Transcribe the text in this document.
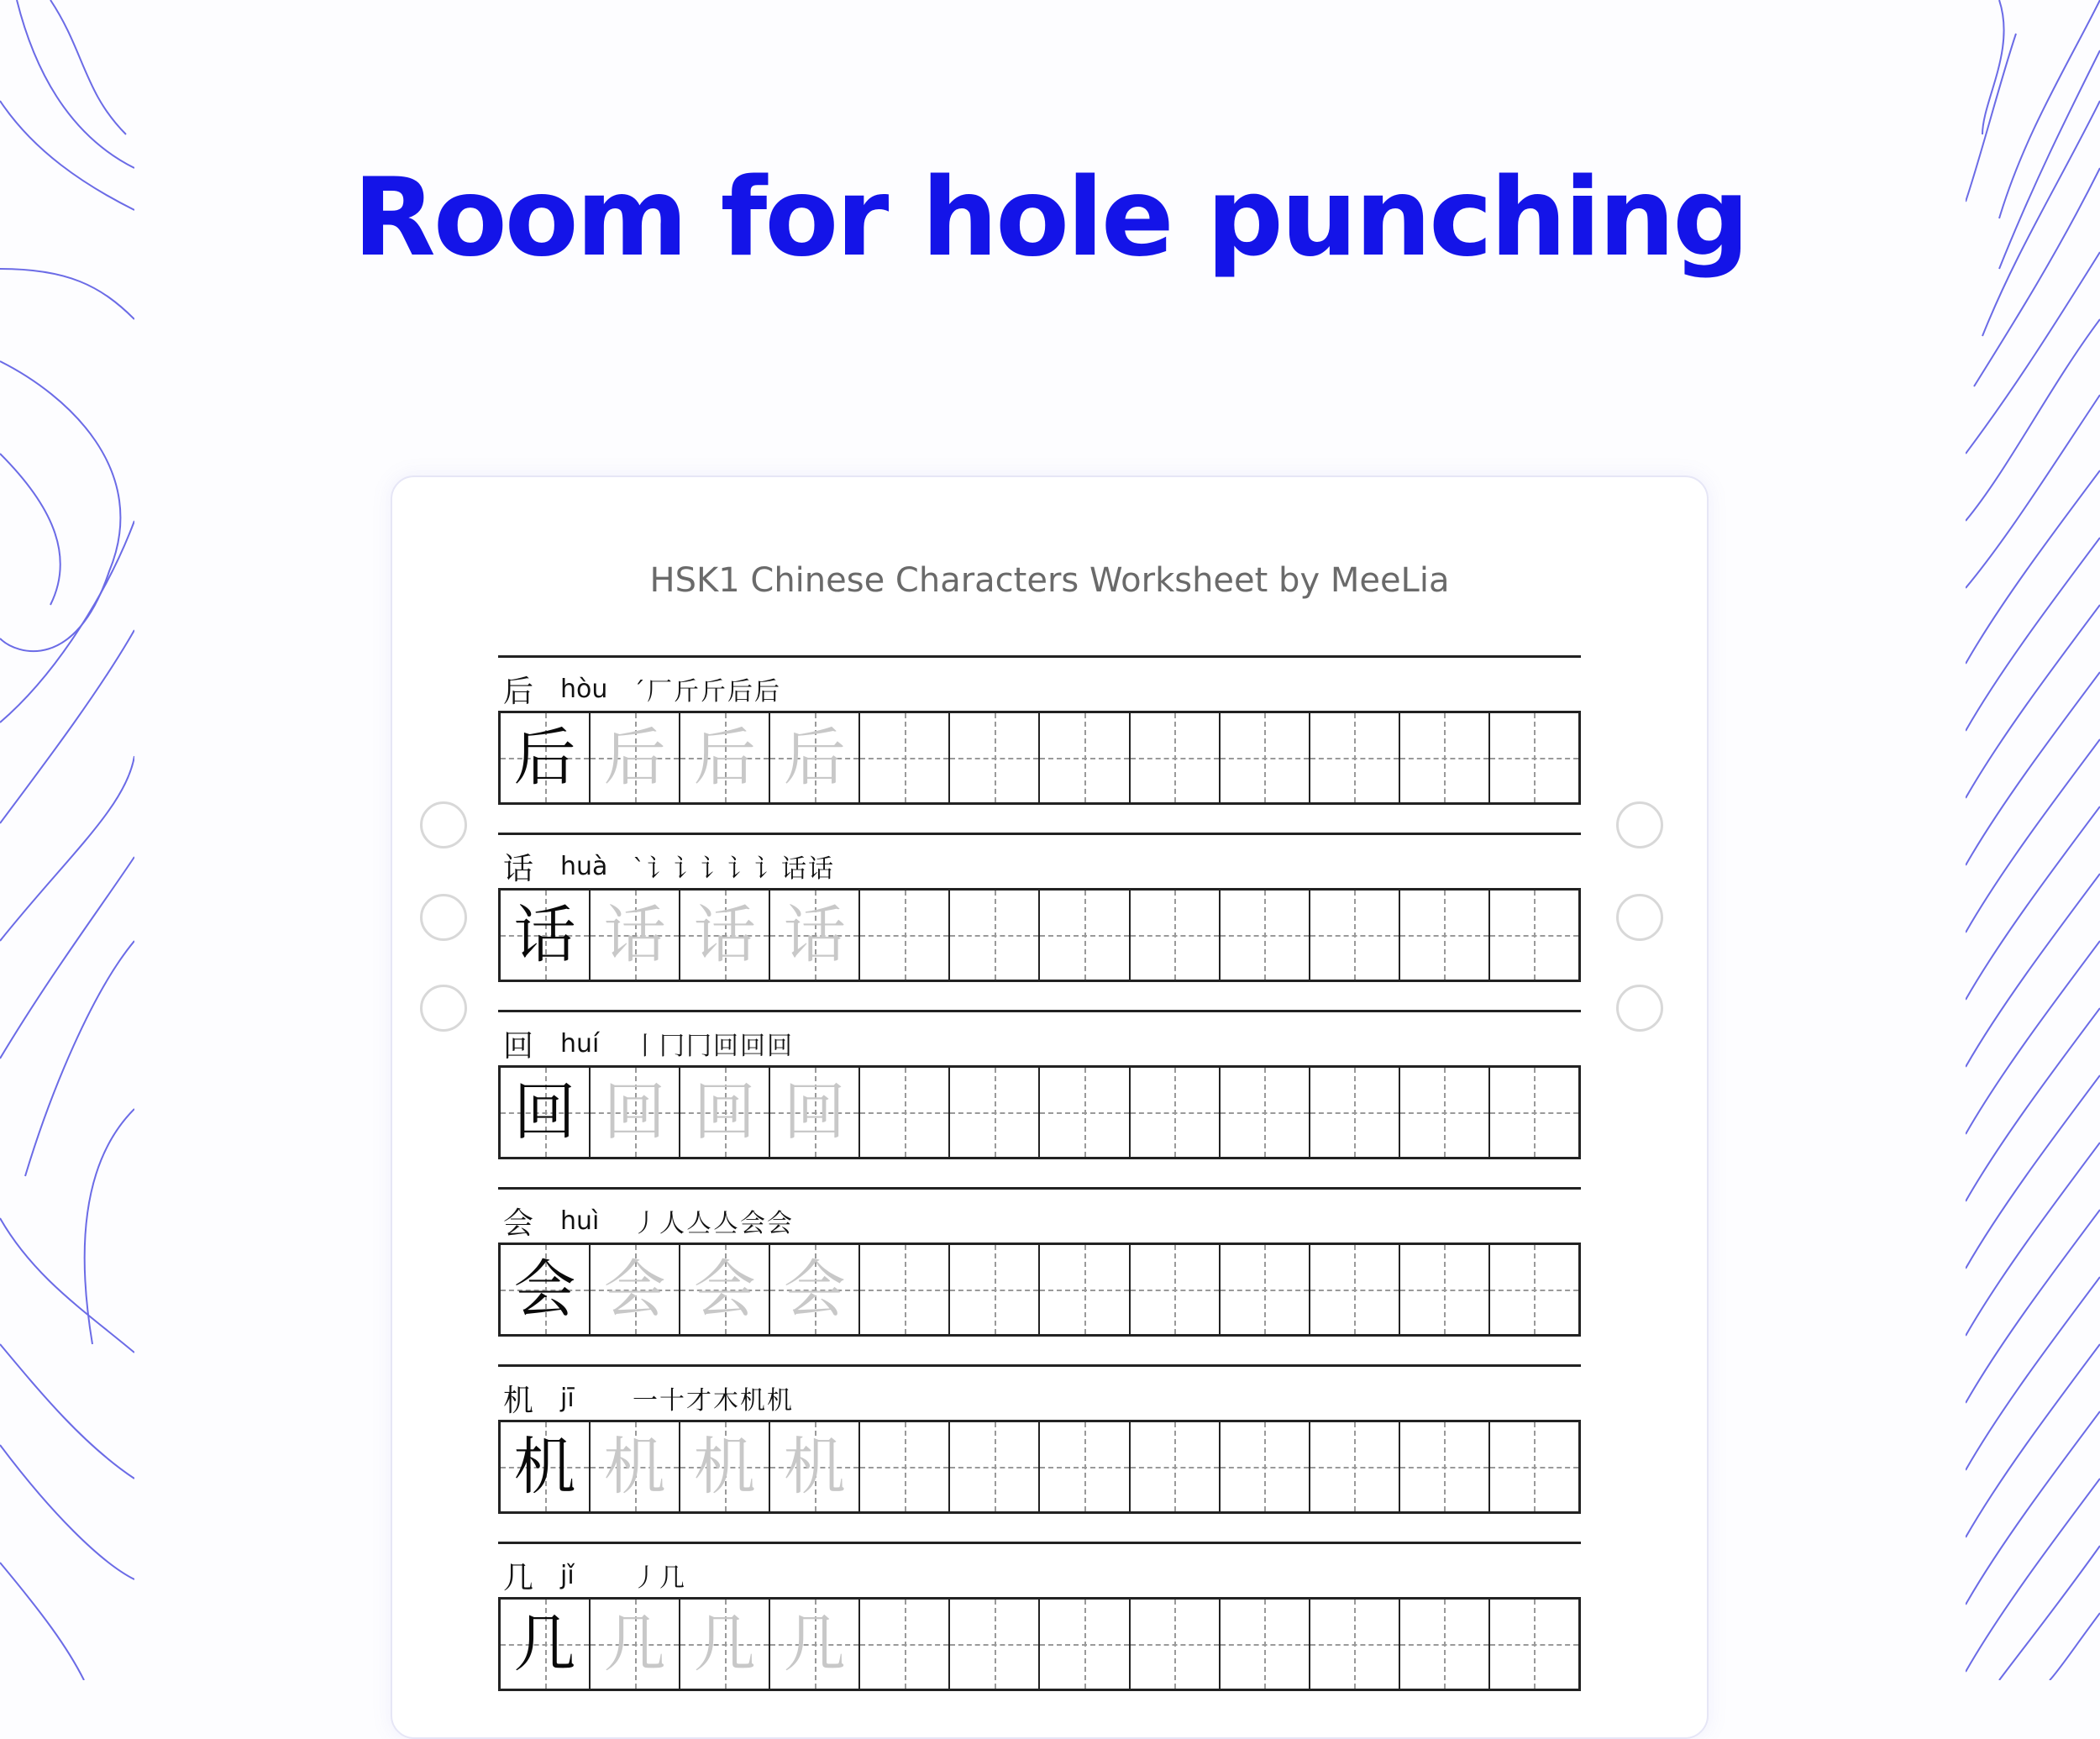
Room for hole punching
HSK1 Chinese Characters Worksheet by MeeLia
后	hòu ˊ厂斤斤后后
后 后 后 后
话	huà ˋ讠讠讠讠讠话话
话 话 话 话
回	huí	丨冂冂回回回
回 回 回 回
会	huì	丿人亼亼会会
会 会 会 会
机	jī	一十才木机机
机 机 机 机
几	jǐ	丿几
几 几 几 几
